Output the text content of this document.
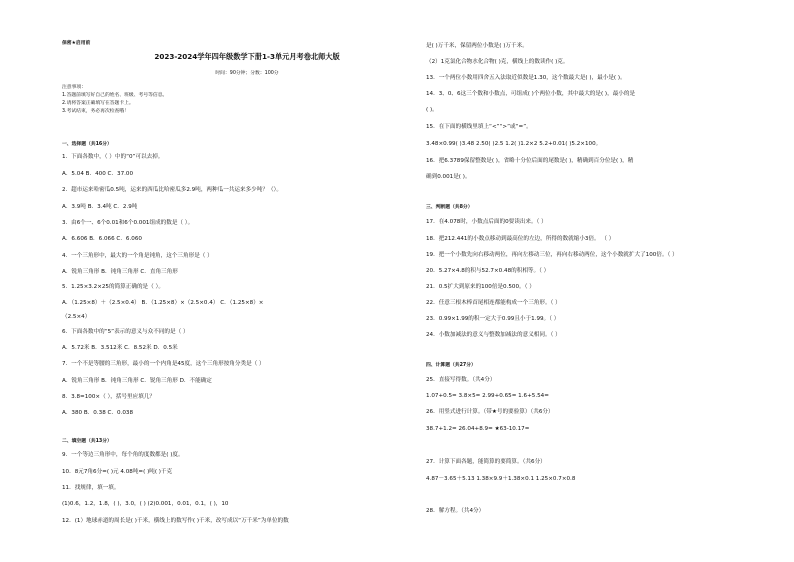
保密★启用前
2023-2024学年四年级数学下册1-3单元月考卷北师大版
时间：90分钟；分数：100分
注意事项：
1.答题前填写好自己的姓名、班级、考号等信息。
2.请将答案正确填写在答题卡上。
3.考试结束，务必再次检查哦！
一、选择题（共16分）
1．下面各数中，（ ）中的“0”可以去掉。
A．5.04 B．400 C．37.00
2．超市运来哈密瓜0.5吨，运来的西瓜比哈密瓜多2.9吨，两种瓜一共运来多少吨？（）。
A．3.9吨 B．3.4吨 C．2.9吨
3．由6个一、6个0.01和6个0.001组成的数是（ ）。
A．6.606 B．6.066 C．6.060
4．一个三角形中，最大的一个角是钝角，这个三角形是（ ）
A．锐角三角形 B．钝角三角形 C．直角三角形
5．1.25×3.2×25的简算正确的是（ ）。
A．（1.25×8）＋（2.5×0.4） B．（1.25×8）×（2.5×0.4） C．（1.25×8）×
（2.5×4）
6．下面各数中的“5”表示的意义与众不同的是（ ）
A．5.72米 B．3.512米 C．8.52米 D．0.5米
7．一个不是等腰的三角形，最小的一个内角是45度，这个三角形按角分类是（ ）
A．锐角三角形 B．钝角三角形 C．锐角三角形 D．不能确定
8．3.8=100×（ ），括号里应填几？
A．380 B．0.38 C．0.038
二、填空题（共13分）
9．一个等边三角形中，每个角的度数都是( )度。
10．8元7角6分=( )元 4.08吨=( )吨( )千克
11．找规律，填一填。
(1)0.6，1.2，1.8，( )，3.0，( ) (2)0.001，0.01，0.1，( )，10
12．(1）地球赤道的周长是( )千米，横线上的数写作( )千米，改写成以“万千米”为单位的数
是( )万千米，保留两位小数是( )万千米。
（2）1克氯化合物水化合物( )克，横线上的数读作( )克。
13．一个两位小数用四舍五入法取近似数是1.30，这个数最大是( )，最小是( )。
14．3、0、6这三个数和小数点，可组成( )个两位小数，其中最大的是( )，最小的是
( )。
15．在下面的横线里填上“<”“>”或“=”。
3.48×0.99( )3.48 2.50( )2.5 1.2( )1.2×2 5.2+0.01( )5.2×100。
16．把6.3789保留整数是( )，省略十分位后面的尾数是( )，精确到百分位是( )，精
确到0.001是( )。
三、判断题（共8分）
17．在4.078时，小数点后面的0要读出来。（ ）
18．把212.441的小数点移动到最高位的左边，所得的数就缩小3倍。 （ ）
19．把一个小数先向右移动两位，再向左移动三位，再向右移动两位，这个小数就扩大了100倍。（ ）
20．5.27×4.8的积与52.7×0.48的积相等。（ ）
21．0.5扩大到原来的100倍是0.500。（ ）
22．任意三根木棒首尾相连都能构成一个三角形。（ ）
23．0.99×1.99的积一定大于0.99且小于1.99。（ ）
24．小数加减法的意义与整数加减法的意义相同。（ ）
四、计算题（共27分）
25．直接写得数。（共4分）
1.07+0.5= 3.8×5= 2.99+0.65= 1.6+5.54=
26．用竖式进行计算。（带★号的要验算）（共6分）
38.7+1.2= 26.04+8.9= ★63-10.17=
27．计算下面各题，能简算的要简算。（共6分）
4.87－3.65＋5.13 1.38×9.9＋1.38×0.1 1.25×0.7×0.8
28．解方程。（共4分）
